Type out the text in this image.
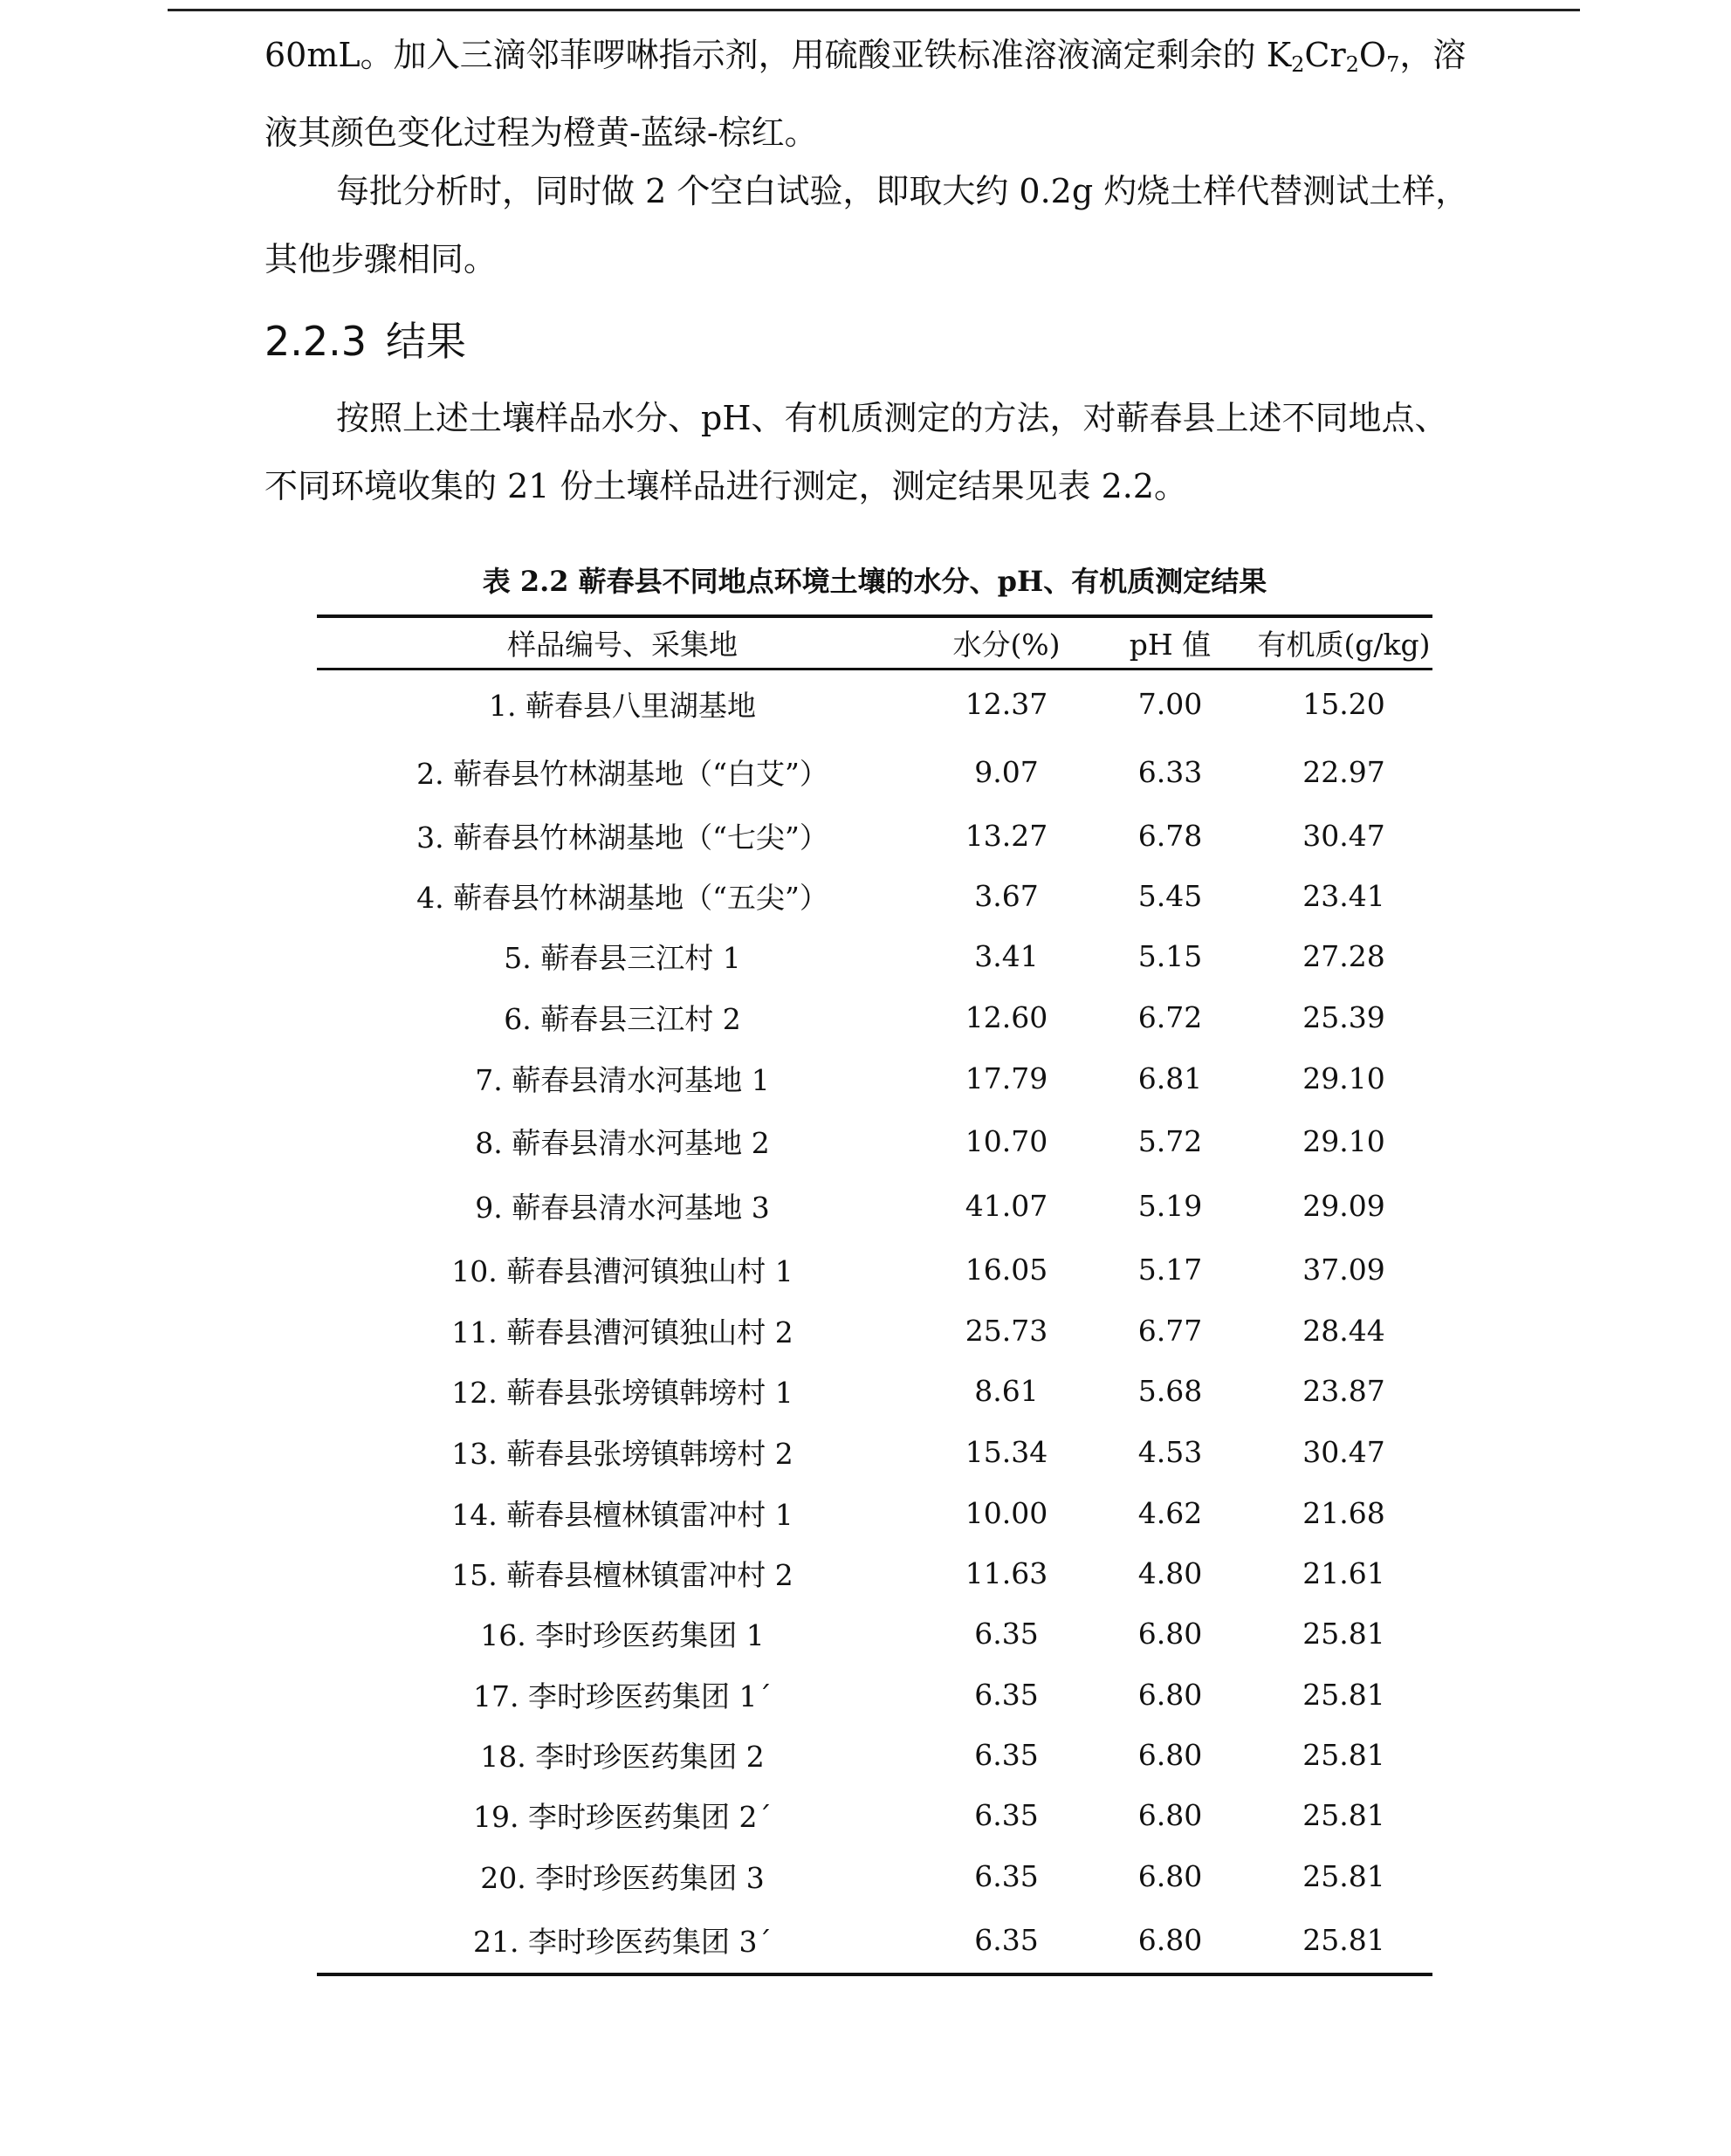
60mL。加入三滴邻菲啰啉指示剂，用硫酸亚铁标准溶液滴定剩余的 $K_2Cr_2O_7$，溶
液其颜色变化过程为橙黄-蓝绿-棕红。

每批分析时，同时做 2 个空白试验，即取大约 0.2g 灼烧土样代替测试土样，
其他步骤相同。

2.2.3 结果

按照上述土壤样品水分、pH、有机质测定的方法，对蕲春县上述不同地点、
不同环境收集的 21 份土壤样品进行测定，测定结果见表 2.2。

表 2.2 蕲春县不同地点环境土壤的水分、pH、有机质测定结果
样品编号、采集地	水分(%)	pH 值	有机质(g/kg)
1. 蕲春县八里湖基地	12.37	7.00	15.20
2. 蕲春县竹林湖基地（“白艾”）	9.07	6.33	22.97
3. 蕲春县竹林湖基地（“七尖”）	13.27	6.78	30.47
4. 蕲春县竹林湖基地（“五尖”）	3.67	5.45	23.41
5. 蕲春县三江村 1	3.41	5.15	27.28
6. 蕲春县三江村 2	12.60	6.72	25.39
7. 蕲春县清水河基地 1	17.79	6.81	29.10
8. 蕲春县清水河基地 2	10.70	5.72	29.10
9. 蕲春县清水河基地 3	41.07	5.19	29.09
10. 蕲春县漕河镇独山村 1	16.05	5.17	37.09
11. 蕲春县漕河镇独山村 2	25.73	6.77	28.44
12. 蕲春县张塝镇韩塝村 1	8.61	5.68	23.87
13. 蕲春县张塝镇韩塝村 2	15.34	4.53	30.47
14. 蕲春县檀林镇雷冲村 1	10.00	4.62	21.68
15. 蕲春县檀林镇雷冲村 2	11.63	4.80	21.61
16. 李时珍医药集团 1	6.35	6.80	25.81
17. 李时珍医药集团 1´	6.35	6.80	25.81
18. 李时珍医药集团 2	6.35	6.80	25.81
19. 李时珍医药集团 2´	6.35	6.80	25.81
20. 李时珍医药集团 3	6.35	6.80	25.81
21. 李时珍医药集团 3´	6.35	6.80	25.81
